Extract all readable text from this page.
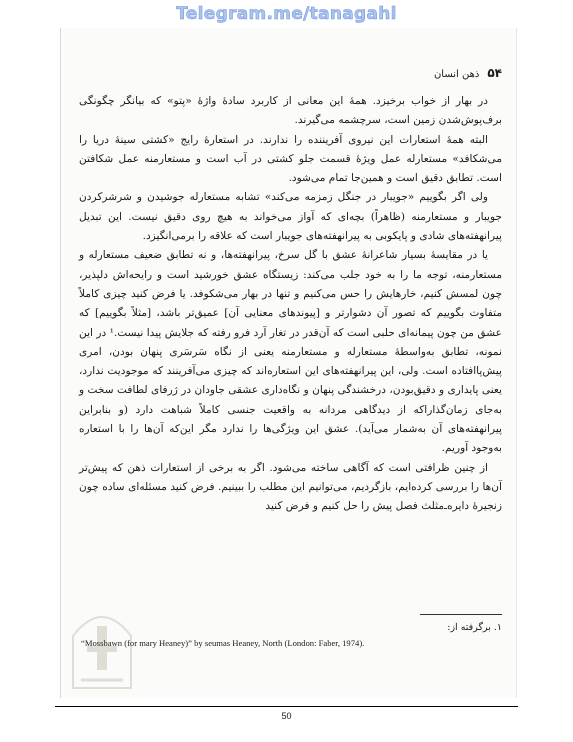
Telegram.me/tanagahi
۵۴
ذهن انسان

در بهار از خواب برخیزد. همهٔ این معانی از کاربرد سادهٔ واژهٔ «پتو» که بیانگر چگونگی برف‌پوش‌شدن زمین است، سرچشمه می‌گیرند.

البته همهٔ استعارات این نیروی آفریننده را ندارند. در استعارهٔ رایج «کشتی سینهٔ دریا را می‌شکافد» مستعارله عمل ویژهٔ قسمت جلو کشتی در آب است و مستعارمنه عمل شکافتن است. تطابق دقیق است و همین‌جا تمام می‌شود.

ولی اگر بگوییم «جویبار در جنگل زمزمه می‌کند» تشابه مستعارله جوشیدن و شرشرکردن جویبار و مستعارمنه (ظاهراً) بچه‌ای که آواز می‌خواند به هیچ روی دقیق نیست. این تبدیل پیرانهفته‌های شادی و پایکوبی به پیرانهفته‌های جویبار است که علاقه را برمی‌انگیزد.

یا در مقایسهٔ بسیار شاعرانهٔ عشق با گل سرخ، پیرانهفته‌ها، و نه تطابق ضعیف مستعارله و مستعارمنه، توجه ما را به خود جلب می‌کند: زیستگاه عشق خورشید است و رایحه‌اش دلپذیر، چون لمسش کنیم، خارهایش را حس می‌کنیم و تنها در بهار می‌شکوفد. یا فرض کنید چیزی کاملاً متفاوت بگوییم که تصور آن دشوارتر و [پیوندهای معنایی آن] عمیق‌تر باشد، [مثلاً بگوییم] که عشق من چون پیمانه‌ای حلبی است که آن‌قدر در تغار آرد فرو رفته که جلایش پیدا نیست.¹ در این نمونه، تطابق به‌واسطهٔ مستعارله و مستعارمنه یعنی از نگاه سَرسَری پنهان بودن، امری پیش‌پاافتاده است. ولی، این پیرانهفته‌های این استعاره‌اند که چیزی می‌آفرینند که موجودیت ندارد، یعنی پایداری و دقیق‌بودن، درخشندگی پنهان و نگاه‌داری عشقی جاودان در ژرفای لطافت سخت و به‌جای زمان‌گذاراکه از دیدگاهی مردانه به واقعیت جنسی کاملاً شباهت دارد (و بنابراین پیرانهفته‌های آن به‌شمار می‌آید). عشق این ویژگی‌ها را ندارد مگر این‌که آن‌ها را با استعاره به‌وجود آوریم.

از چنین ظرافتی است که آگاهی ساخته می‌شود. اگر به برخی از استعارات ذهن که پیش‌تر آن‌ها را بررسی کرده‌ایم، بازگردیم، می‌توانیم این مطلب را ببینیم. فرض کنید مسئله‌ای ساده چون زنجیرهٔ دایره‌ـ‌مثلث فصل پیش را حل کنیم و فرض کنید

۱. برگرفته از:
“Mossbawn (for mary Heaney)” by seumas Heaney, North (London: Faber, 1974).
50
